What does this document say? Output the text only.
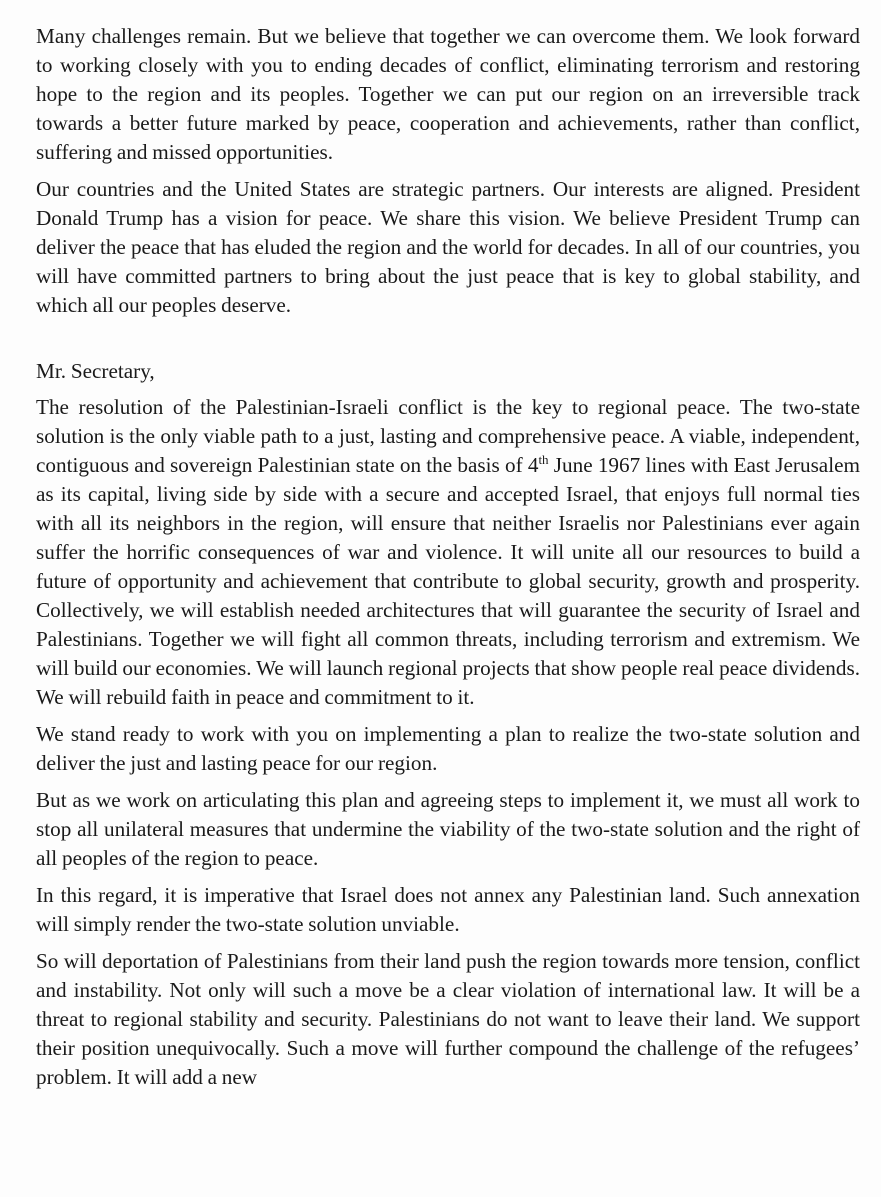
Many challenges remain. But we believe that together we can overcome them. We look forward to working closely with you to ending decades of conflict, eliminating terrorism and restoring hope to the region and its peoples. Together we can put our region on an irreversible track towards a better future marked by peace, cooperation and achievements, rather than conflict, suffering and missed opportunities.

Our countries and the United States are strategic partners. Our interests are aligned. President Donald Trump has a vision for peace. We share this vision. We believe President Trump can deliver the peace that has eluded the region and the world for decades. In all of our countries, you will have committed partners to bring about the just peace that is key to global stability, and which all our peoples deserve.

Mr. Secretary,

The resolution of the Palestinian-Israeli conflict is the key to regional peace. The two-state solution is the only viable path to a just, lasting and comprehensive peace. A viable, independent, contiguous and sovereign Palestinian state on the basis of 4th June 1967 lines with East Jerusalem as its capital, living side by side with a secure and accepted Israel, that enjoys full normal ties with all its neighbors in the region, will ensure that neither Israelis nor Palestinians ever again suffer the horrific consequences of war and violence. It will unite all our resources to build a future of opportunity and achievement that contribute to global security, growth and prosperity. Collectively, we will establish needed architectures that will guarantee the security of Israel and Palestinians. Together we will fight all common threats, including terrorism and extremism. We will build our economies. We will launch regional projects that show people real peace dividends. We will rebuild faith in peace and commitment to it.

We stand ready to work with you on implementing a plan to realize the two-state solution and deliver the just and lasting peace for our region.

But as we work on articulating this plan and agreeing steps to implement it, we must all work to stop all unilateral measures that undermine the viability of the two-state solution and the right of all peoples of the region to peace.

In this regard, it is imperative that Israel does not annex any Palestinian land. Such annexation will simply render the two-state solution unviable.

So will deportation of Palestinians from their land push the region towards more tension, conflict and instability. Not only will such a move be a clear violation of international law. It will be a threat to regional stability and security. Palestinians do not want to leave their land. We support their position unequivocally. Such a move will further compound the challenge of the refugees’ problem. It will add a new
